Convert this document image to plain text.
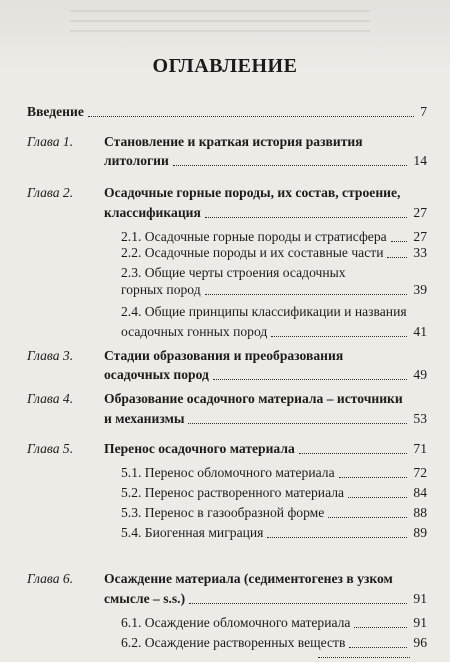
ОГЛАВЛЕНИЕ
Введение	7
Глава 1. Становление и краткая история развития
литологии	14
Глава 2. Осадочные горные породы, их состав, строение,
классификация	27
2.1. Осадочные горные породы и стратисфера	27
2.2. Осадочные породы и их составные части	33
2.3. Общие черты строения осадочных
горных пород	39
2.4. Общие принципы классификации и названия
осадочных гонных пород	41
Глава 3. Стадии образования и преобразования
осадочных пород	49
Глава 4. Образование осадочного материала – источники
и механизмы	53
Глава 5. Перенос осадочного материала	71
5.1. Перенос обломочного материала	72
5.2. Перенос растворенного материала	84
5.3. Перенос в газообразной форме	88
5.4. Биогенная миграция	89
Глава 6. Осаждение материала (седиментогенез в узком
смысле – s.s.)	91
6.1. Осаждение обломочного материала	91
6.2. Осаждение растворенных веществ	96
